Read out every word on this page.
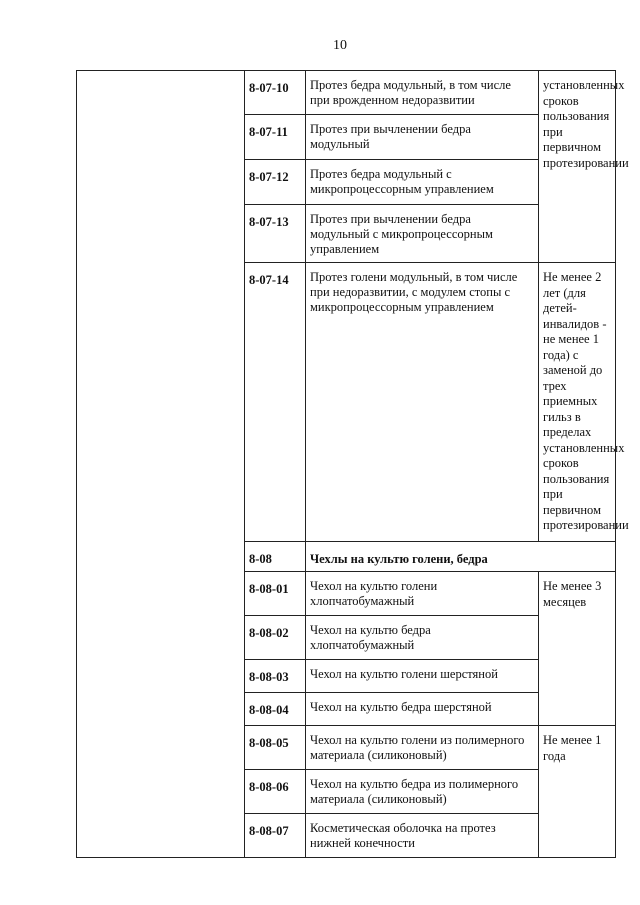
10
	8-07-10	Протез бедра модульный, в том числе при врожденном недоразвитии	установленных сроков пользования при первичном протезировании
	8-07-11	Протез при вычленении бедра модульный	
	8-07-12	Протез бедра модульный с микропроцессорным управлением	
	8-07-13	Протез при вычленении бедра модульный с микропроцессорным управлением	
	8-07-14	Протез голени модульный, в том числе при недоразвитии, с модулем стопы с микропроцессорным управлением	Не менее 2 лет (для детей-инвалидов - не менее 1 года) с заменой до трех приемных гильз в пределах установленных сроков пользования при первичном протезировании
	8-08	Чехлы на культю голени, бедра	
	8-08-01	Чехол на культю голени хлопчатобумажный	Не менее 3 месяцев
	8-08-02	Чехол на культю бедра хлопчатобумажный	
	8-08-03	Чехол на культю голени шерстяной	
	8-08-04	Чехол на культю бедра шерстяной	
	8-08-05	Чехол на культю голени из полимерного материала (силиконовый)	Не менее 1 года
	8-08-06	Чехол на культю бедра из полимерного материала (силиконовый)	
	8-08-07	Косметическая оболочка на протез нижней конечности	
